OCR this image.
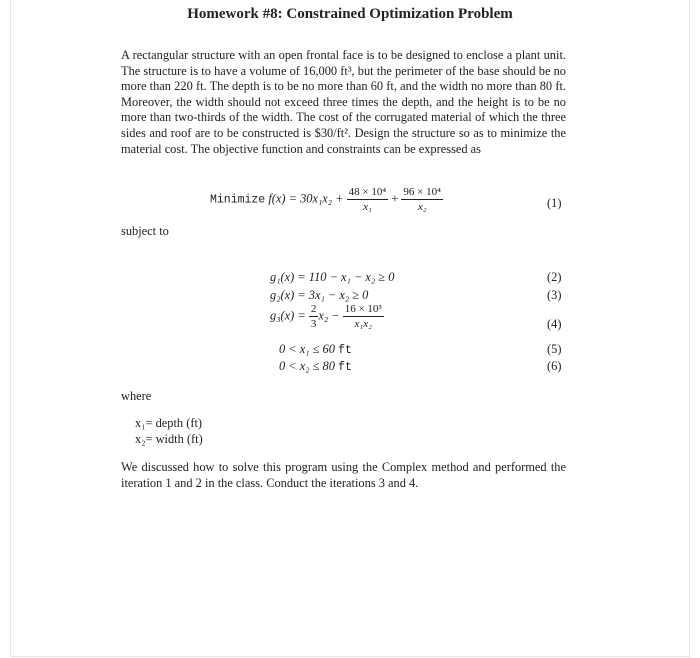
Homework #8: Constrained Optimization Problem
A rectangular structure with an open frontal face is to be designed to enclose a plant unit. The structure is to have a volume of 16,000 ft³, but the perimeter of the base should be no more than 220 ft. The depth is to be no more than 60 ft, and the width no more than 80 ft. Moreover, the width should not exceed three times the depth, and the height is to be no more than two-thirds of the width. The cost of the corrugated material of which the three sides and roof are to be constructed is $30/ft². Design the structure so as to minimize the material cost. The objective function and constraints can be expressed as
Minimize $f(x) = 30x_1x_2 + \frac{\text{48 × 10⁴}}{\text{x₁}} + \frac{\text{96 × 10⁴}}{\text{x₂}}$	(1)
subject to
g₁(x) = 110 − x₁ − x₂ ≥ 0	(2)
g₂(x) = 3x₁ − x₂ ≥ 0	(3)
$g_3(x) = \frac{2}{3} x_2 - \frac{\text{16 × 10³}}{\text{x₁x₂}}$	(4)
0 < x₁ ≤ 60 ft	(5)
0 < x₂ ≤ 80 ft	(6)
where
x₁= depth (ft)
x₂= width (ft)
We discussed how to solve this program using the Complex method and performed the iteration 1 and 2 in the class. Conduct the iterations 3 and 4.
